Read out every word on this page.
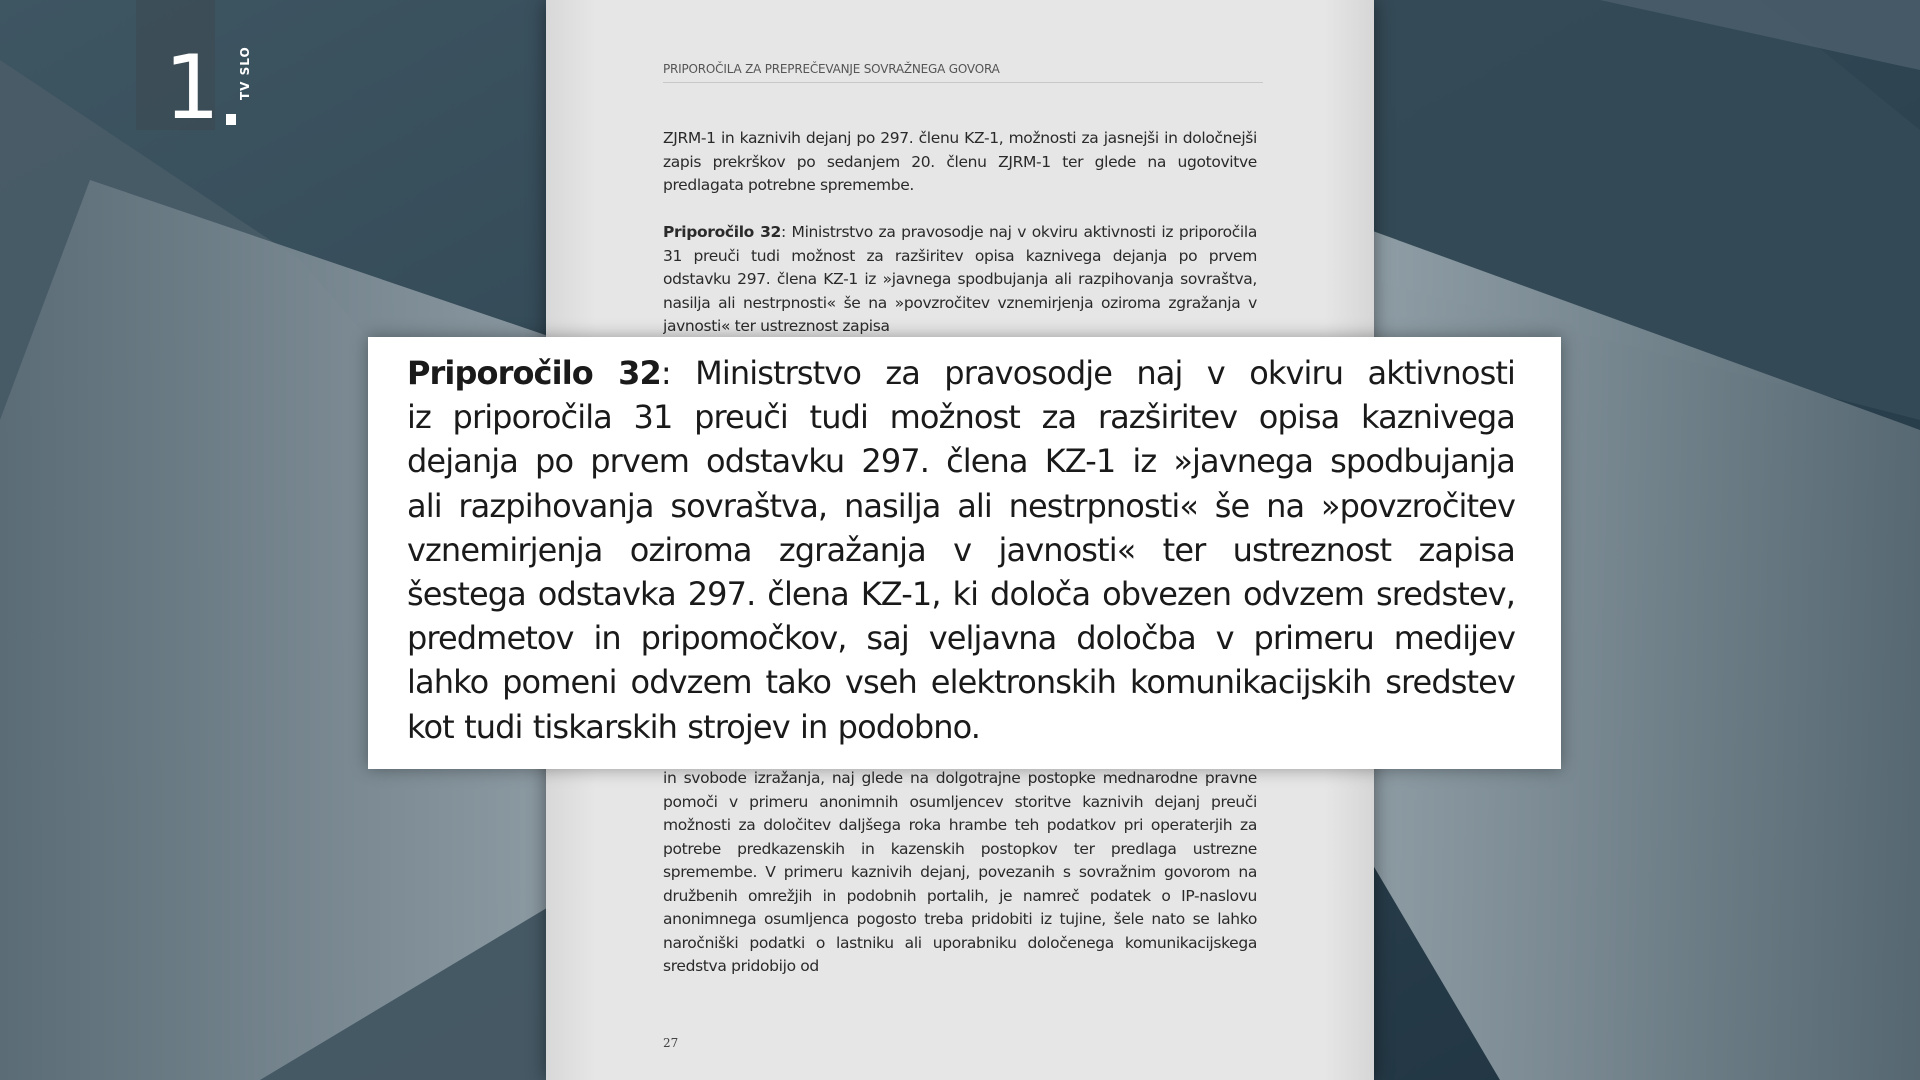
1 TV SLO	PRIPOROČILA ZA PREPREČEVANJE SOVRAŽNEGA GOVORA

ZJRM-1 in kaznivih dejanj po 297. členu KZ-1, možnosti za jasnejši in določnejši zapis prekrškov po sedanjem 20. členu ZJRM-1 ter glede na ugotovitve predlagata potrebne spremembe.

Priporočilo 32: Ministrstvo za pravosodje naj v okviru aktivnosti iz priporočila 31 preuči tudi možnost za razširitev opisa kaznivega dejanja po prvem odstavku 297. člena KZ-1 iz »javnega spodbujanja ali razpihovanja sovraštva, nasilja ali nestrpnosti« še na »povzročitev vznemirjenja oziroma zgražanja v javnosti« ter ustreznost zapisa

in svobode izražanja, naj glede na dolgotrajne postopke mednarodne pravne pomoči v primeru anonimnih osumljencev storitve kaznivih dejanj preuči možnosti za določitev daljšega roka hrambe teh podatkov pri operaterjih za potrebe predkazenskih in kazenskih postopkov ter predlaga ustrezne spremembe. V primeru kaznivih dejanj, povezanih s sovražnim govorom na družbenih omrežjih in podobnih portalih, je namreč podatek o IP-naslovu anonimnega osumljenca pogosto treba pridobiti iz tujine, šele nato se lahko naročniški podatki o lastniku ali uporabniku določenega komunikacijskega sredstva pridobijo od

27

Priporočilo 32: Ministrstvo za pravosodje naj v okviru aktivnosti
iz priporočila 31 preuči tudi možnost za razširitev opisa kaznivega
dejanja po prvem odstavku 297. člena KZ-1 iz »javnega spodbujanja
ali razpihovanja sovraštva, nasilja ali nestrpnosti« še na »povzročitev
vznemirjenja oziroma zgražanja v javnosti« ter ustreznost zapisa
šestega odstavka 297. člena KZ-1, ki določa obvezen odvzem sredstev,
predmetov in pripomočkov, saj veljavna določba v primeru medijev
lahko pomeni odvzem tako vseh elektronskih komunikacijskih sredstev
kot tudi tiskarskih strojev in podobno.
